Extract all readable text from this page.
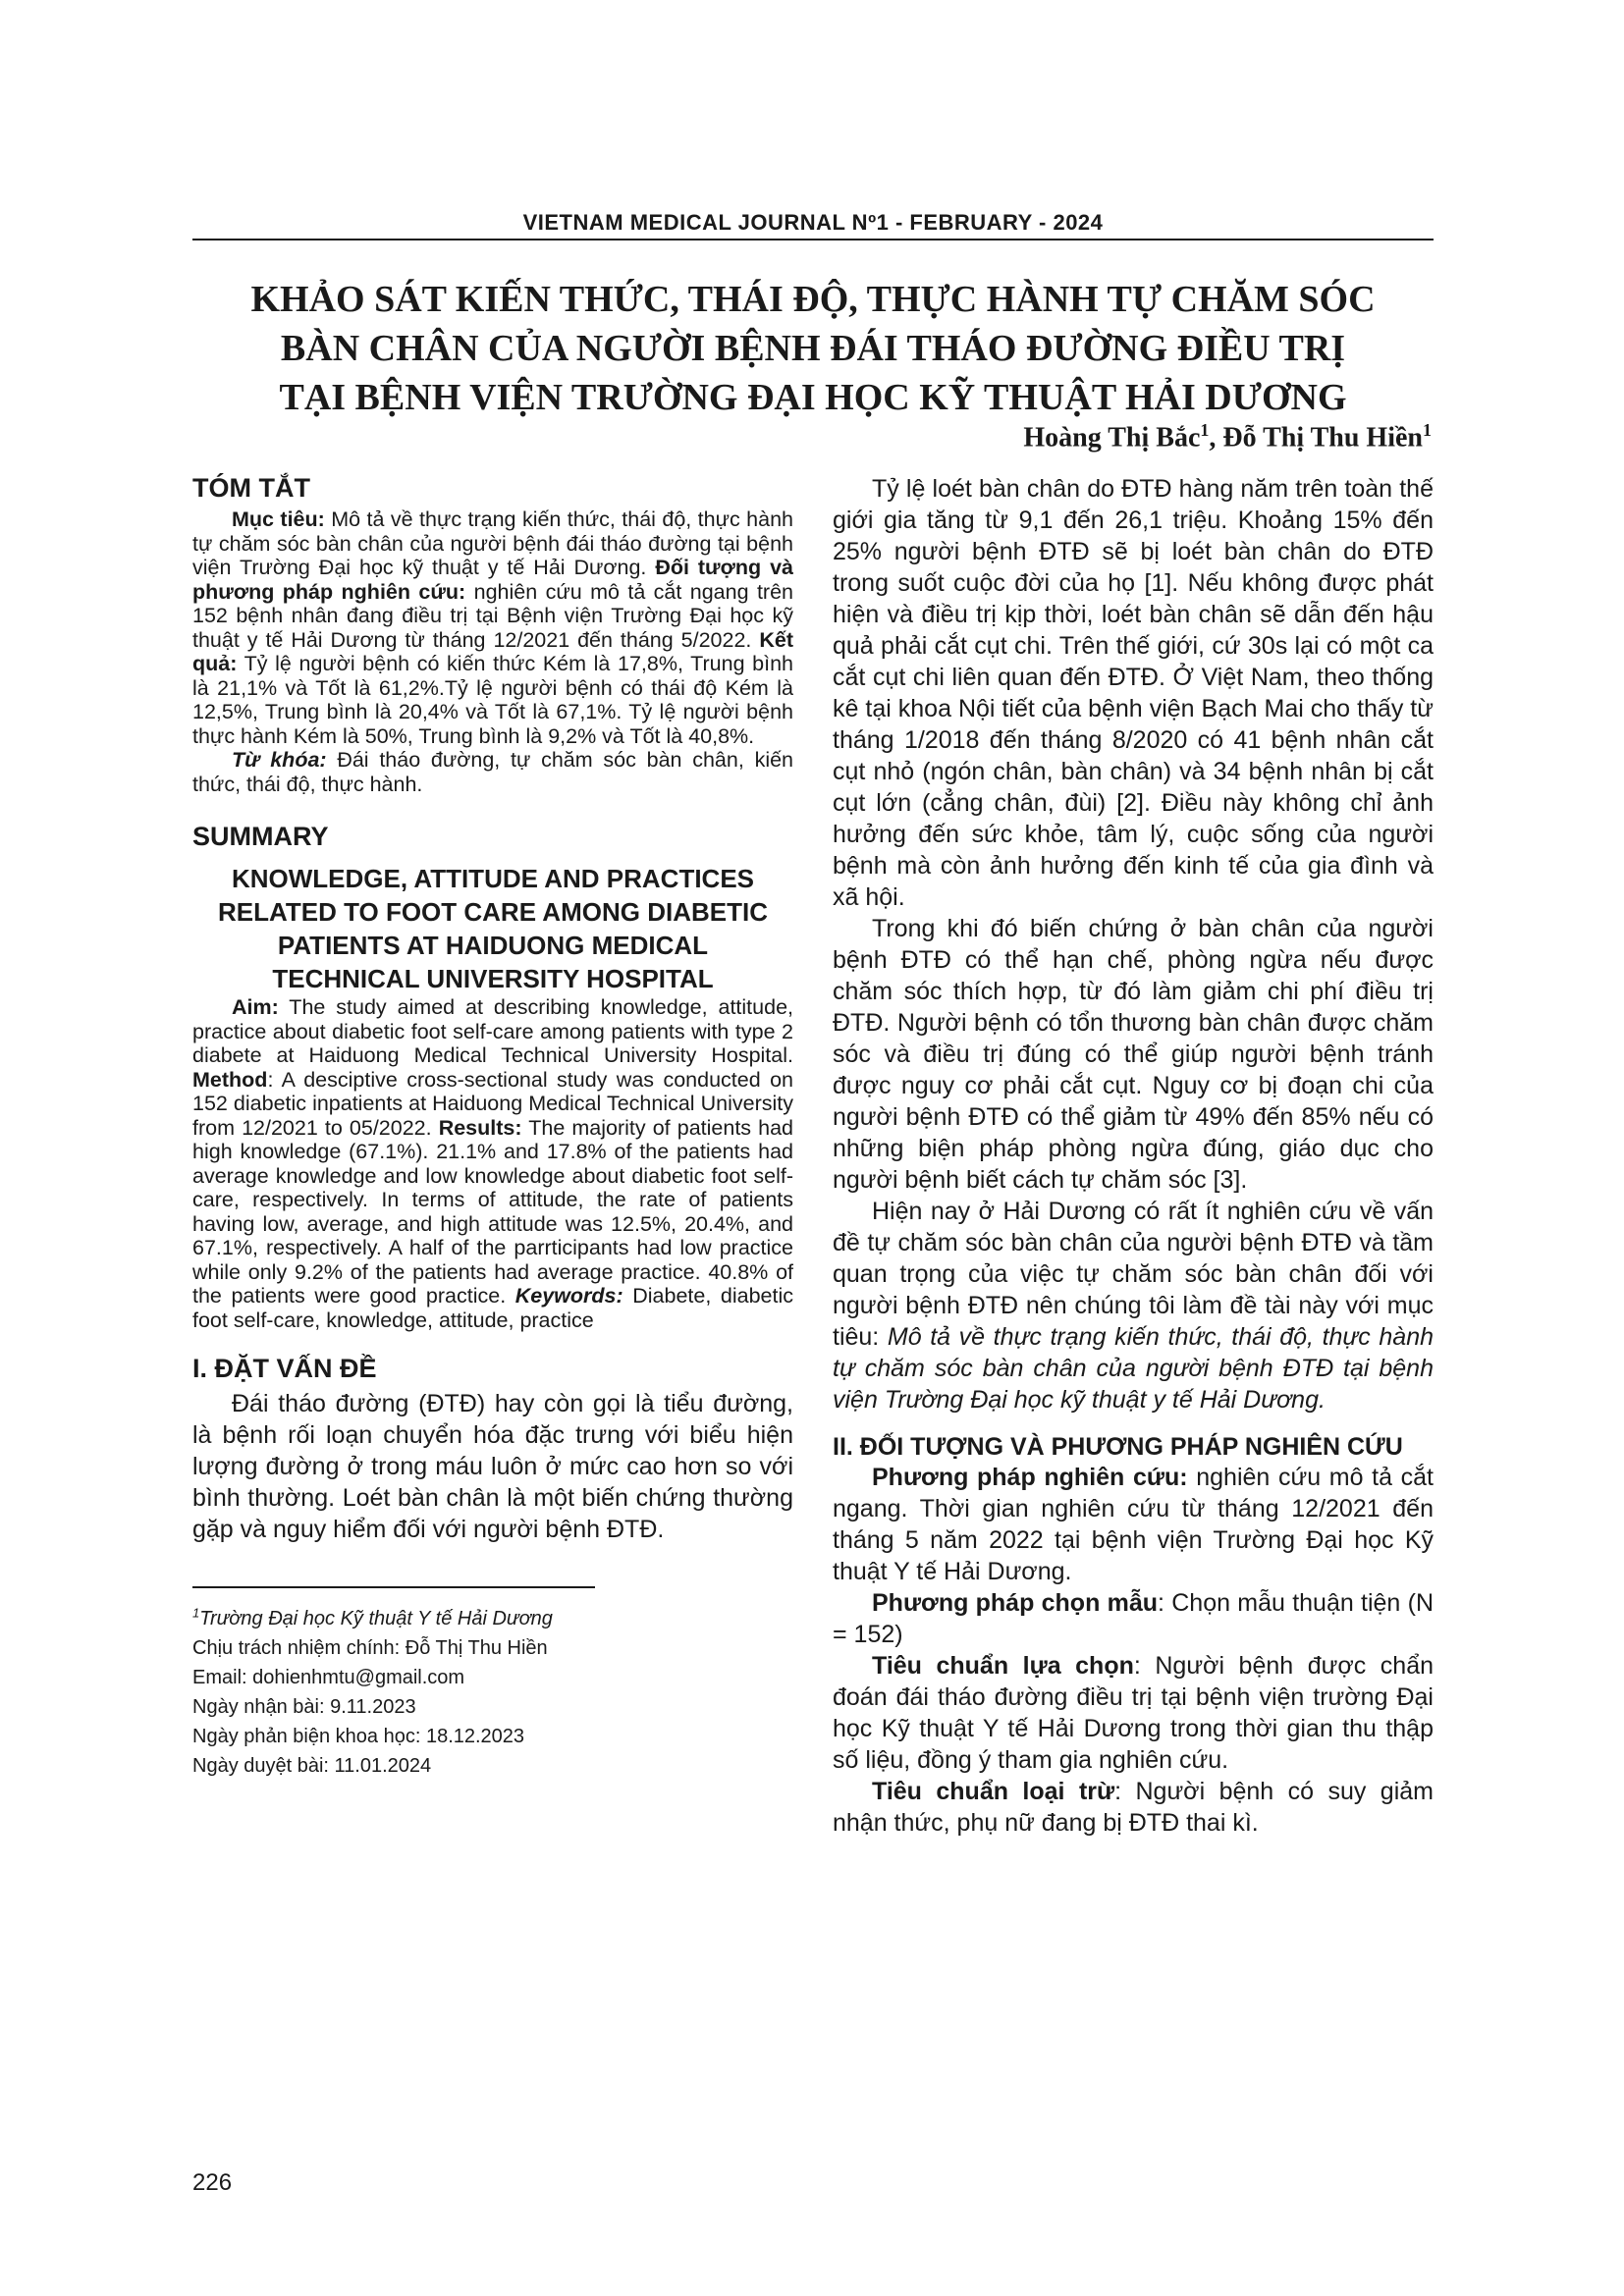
VIETNAM MEDICAL JOURNAL Nº1 - FEBRUARY - 2024
KHẢO SÁT KIẾN THỨC, THÁI ĐỘ, THỰC HÀNH TỰ CHĂM SÓC
BÀN CHÂN CỦA NGƯỜI BỆNH ĐÁI THÁO ĐƯỜNG ĐIỀU TRỊ
TẠI BỆNH VIỆN TRƯỜNG ĐẠI HỌC KỸ THUẬT HẢI DƯƠNG
Hoàng Thị Bắc$^1$, Đỗ Thị Thu Hiền$^1$
TÓM TẮT

Mục tiêu: Mô tả về thực trạng kiến thức, thái độ, thực hành tự chăm sóc bàn chân của người bệnh đái tháo đường tại bệnh viện Trường Đại học kỹ thuật y tế Hải Dương. Đối tượng và phương pháp nghiên cứu: nghiên cứu mô tả cắt ngang trên 152 bệnh nhân đang điều trị tại Bệnh viện Trường Đại học kỹ thuật y tế Hải Dương từ tháng 12/2021 đến tháng 5/2022. Kết quả: Tỷ lệ người bệnh có kiến thức Kém là 17,8%, Trung bình là 21,1% và Tốt là 61,2%.Tỷ lệ người bệnh có thái độ Kém là 12,5%, Trung bình là 20,4% và Tốt là 67,1%. Tỷ lệ người bệnh thực hành Kém là 50%, Trung bình là 9,2% và Tốt là 40,8%.

Từ khóa: Đái tháo đường, tự chăm sóc bàn chân, kiến thức, thái độ, thực hành.

SUMMARY
KNOWLEDGE, ATTITUDE AND PRACTICES
RELATED TO FOOT CARE AMONG DIABETIC
PATIENTS AT HAIDUONG MEDICAL
TECHNICAL UNIVERSITY HOSPITAL

Aim: The study aimed at describing knowledge, attitude, practice about diabetic foot self-care among patients with type 2 diabete at Haiduong Medical Technical University Hospital. Method: A desciptive cross-sectional study was conducted on 152 diabetic inpatients at Haiduong Medical Technical University from 12/2021 to 05/2022. Results: The majority of patients had high knowledge (67.1%). 21.1% and 17.8% of the patients had average knowledge and low knowledge about diabetic foot self-care, respectively. In terms of attitude, the rate of patients having low, average, and high attitude was 12.5%, 20.4%, and 67.1%, respectively. A half of the parrticipants had low practice while only 9.2% of the patients had average practice. 40.8% of the patients were good practice. Keywords: Diabete, diabetic foot self-care, knowledge, attitude, practice

I. ĐẶT VẤN ĐỀ

Đái tháo đường (ĐTĐ) hay còn gọi là tiểu đường, là bệnh rối loạn chuyển hóa đặc trưng với biểu hiện lượng đường ở trong máu luôn ở mức cao hơn so với bình thường. Loét bàn chân là một biến chứng thường gặp và nguy hiểm đối với người bệnh ĐTĐ.

$^1$Trường Đại học Kỹ thuật Y tế Hải Dương
Chịu trách nhiệm chính: Đỗ Thị Thu Hiền
Email: dohienhmtu@gmail.com
Ngày nhận bài: 9.11.2023
Ngày phản biện khoa học: 18.12.2023
Ngày duyệt bài: 11.01.2024

Tỷ lệ loét bàn chân do ĐTĐ hàng năm trên toàn thế giới gia tăng từ 9,1 đến 26,1 triệu. Khoảng 15% đến 25% người bệnh ĐTĐ sẽ bị loét bàn chân do ĐTĐ trong suốt cuộc đời của họ [1]. Nếu không được phát hiện và điều trị kịp thời, loét bàn chân sẽ dẫn đến hậu quả phải cắt cụt chi. Trên thế giới, cứ 30s lại có một ca cắt cụt chi liên quan đến ĐTĐ. Ở Việt Nam, theo thống kê tại khoa Nội tiết của bệnh viện Bạch Mai cho thấy từ tháng 1/2018 đến tháng 8/2020 có 41 bệnh nhân cắt cụt nhỏ (ngón chân, bàn chân) và 34 bệnh nhân bị cắt cụt lớn (cẳng chân, đùi) [2]. Điều này không chỉ ảnh hưởng đến sức khỏe, tâm lý, cuộc sống của người bệnh mà còn ảnh hưởng đến kinh tế của gia đình và xã hội.

Trong khi đó biến chứng ở bàn chân của người bệnh ĐTĐ có thể hạn chế, phòng ngừa nếu được chăm sóc thích hợp, từ đó làm giảm chi phí điều trị ĐTĐ. Người bệnh có tổn thương bàn chân được chăm sóc và điều trị đúng có thể giúp người bệnh tránh được nguy cơ phải cắt cụt. Nguy cơ bị đoạn chi của người bệnh ĐTĐ có thể giảm từ 49% đến 85% nếu có những biện pháp phòng ngừa đúng, giáo dục cho người bệnh biết cách tự chăm sóc [3].

Hiện nay ở Hải Dương có rất ít nghiên cứu về vấn đề tự chăm sóc bàn chân của người bệnh ĐTĐ và tầm quan trọng của việc tự chăm sóc bàn chân đối với người bệnh ĐTĐ nên chúng tôi làm đề tài này với mục tiêu: Mô tả về thực trạng kiến thức, thái độ, thực hành tự chăm sóc bàn chân của người bệnh ĐTĐ tại bệnh viện Trường Đại học kỹ thuật y tế Hải Dương.

II. ĐỐI TƯỢNG VÀ PHƯƠNG PHÁP NGHIÊN CỨU

Phương pháp nghiên cứu: nghiên cứu mô tả cắt ngang. Thời gian nghiên cứu từ tháng 12/2021 đến tháng 5 năm 2022 tại bệnh viện Trường Đại học Kỹ thuật Y tế Hải Dương.

Phương pháp chọn mẫu: Chọn mẫu thuận tiện (N = 152)

Tiêu chuẩn lựa chọn: Người bệnh được chẩn đoán đái tháo đường điều trị tại bệnh viện trường Đại học Kỹ thuật Y tế Hải Dương trong thời gian thu thập số liệu, đồng ý tham gia nghiên cứu.

Tiêu chuẩn loại trừ: Người bệnh có suy giảm nhận thức, phụ nữ đang bị ĐTĐ thai kì.

226
